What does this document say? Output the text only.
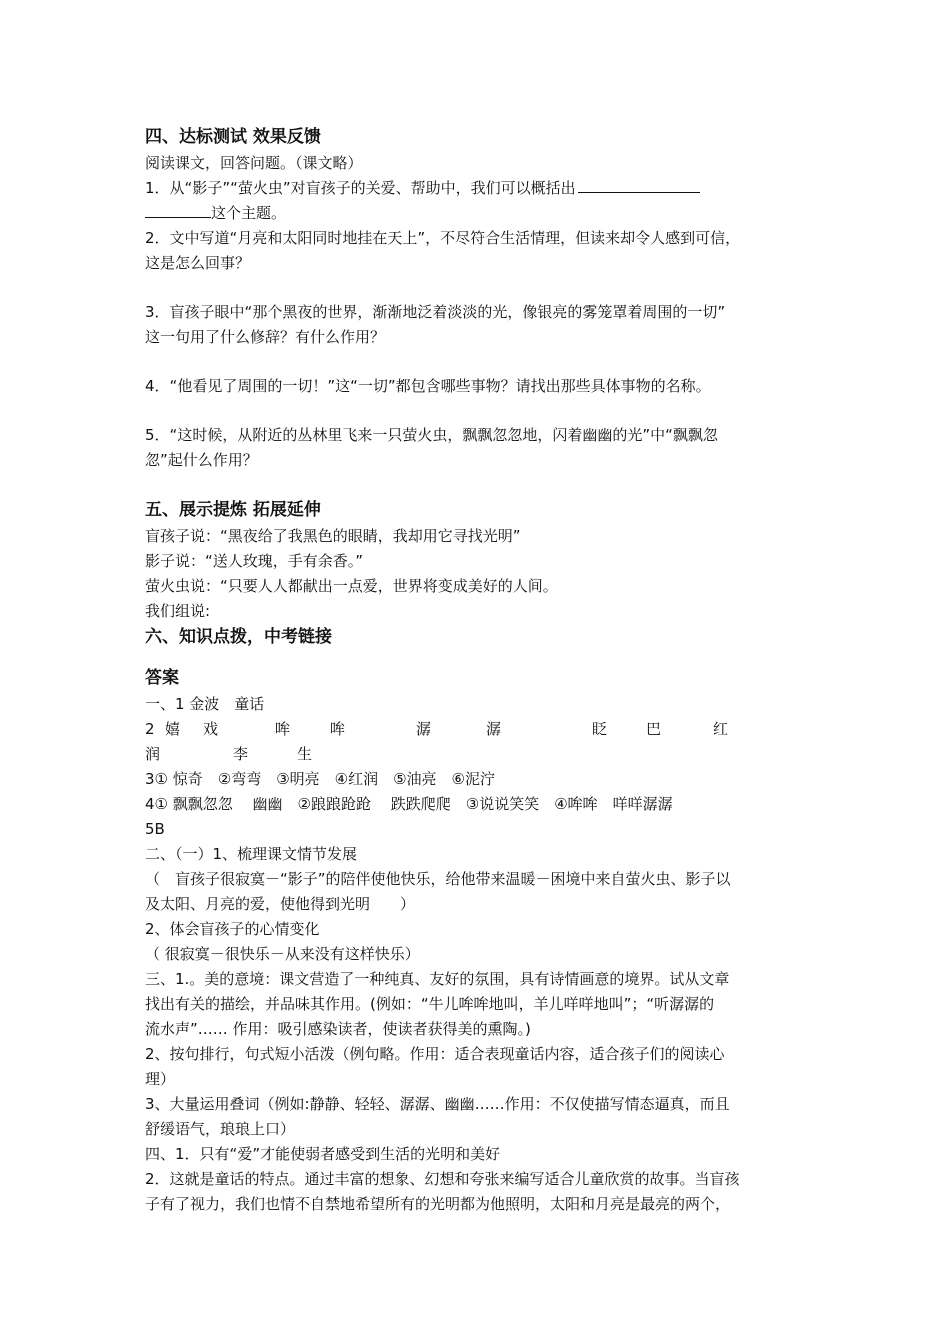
四、达标测试 效果反馈
阅读课文，回答问题。（课文略）
1．从“影子”“萤火虫”对盲孩子的关爱、帮助中，我们可以概括出
这个主题。
2．文中写道“月亮和太阳同时地挂在天上”，不尽符合生活情理，但读来却令人感到可信，
这是怎么回事？
3．盲孩子眼中“那个黑夜的世界，渐渐地泛着淡淡的光，像银亮的雾笼罩着周围的一切”
这一句用了什么修辞？有什么作用？
4．“他看见了周围的一切！”这“一切”都包含哪些事物？请找出那些具体事物的名称。
5．“这时候，从附近的丛林里飞来一只萤火虫，飘飘忽忽地，闪着幽幽的光”中“飘飘忽
忽”起什么作用？
五、展示提炼 拓展延伸
盲孩子说：“黑夜给了我黑色的眼睛，我却用它寻找光明”
影子说：“送人玫瑰，手有余香。”
萤火虫说：“只要人人都献出一点爱，世界将变成美好的人间。
我们组说:
六、知识点拨，中考链接
答案
一、1 金波　童话
2 嬉 戏	哞	哞	潺	潺	眨	巴	红
润	李	生
3① 惊奇　②弯弯　③明亮　④红润　⑤油亮　⑥泥泞
4① 飘飘忽忽　 幽幽　②踉踉跄跄　 跌跌爬爬　③说说笑笑　④哞哞　咩咩潺潺
5B
二、（一）1、梳理课文情节发展
（　盲孩子很寂寞－“影子”的陪伴使他快乐，给他带来温暖－困境中来自萤火虫、影子以
及太阳、月亮的爱，使他得到光明　　）
2、体会盲孩子的心情变化
（ 很寂寞－很快乐－从来没有这样快乐）
三、1.。美的意境：课文营造了一种纯真、友好的氛围，具有诗情画意的境界。试从文章
找出有关的描绘，并品味其作用。(例如：“牛儿哞哞地叫，羊儿咩咩地叫”；“听潺潺的
流水声”…… 作用：吸引感染读者，使读者获得美的熏陶。)
2、按句排行，句式短小活泼（例句略。作用：适合表现童话内容，适合孩子们的阅读心
理）
3、大量运用叠词（例如:静静、轻轻、潺潺、幽幽……作用：不仅使描写情态逼真，而且
舒缓语气，琅琅上口）
四、1．只有“爱”才能使弱者感受到生活的光明和美好
2．这就是童话的特点。通过丰富的想象、幻想和夸张来编写适合儿童欣赏的故事。当盲孩
子有了视力，我们也情不自禁地希望所有的光明都为他照明，太阳和月亮是最亮的两个，
